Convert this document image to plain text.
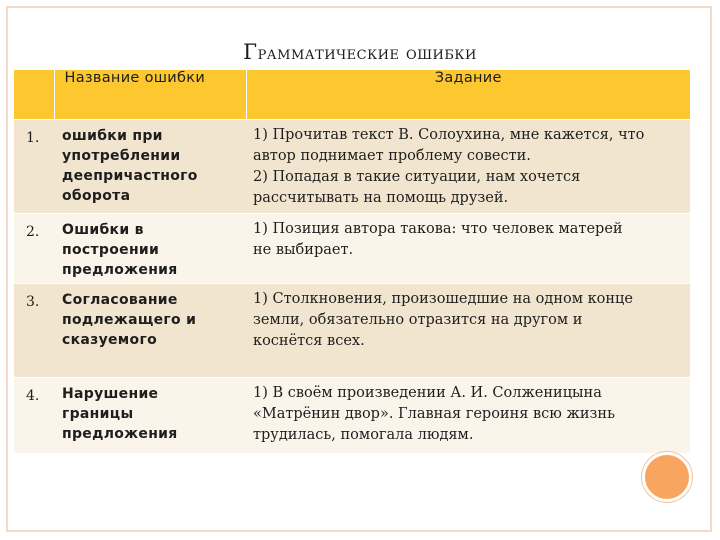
Грамматические ошибки
	Название ошибки	Задание
1.	ошибки при
употреблении
деепричастного
оборота	1) Прочитав текст В. Солоухина, мне кажется, что
автор поднимает проблему совести.
2) Попадая в такие ситуации, нам хочется
рассчитывать на помощь друзей.

2.	Ошибки в
построении
предложения	1) Позиция автора такова: что человек матерей
не выбирает.

3.	Согласование
подлежащего и
сказуемого	1) Столкновения, произошедшие на одном конце
земли, обязательно отразится на другом и
коснётся всех.

4.	Нарушение
границы
предложения	1) В своём произведении А. И. Солженицына
«Матрёнин двор». Главная героиня всю жизнь
трудилась, помогала людям.
